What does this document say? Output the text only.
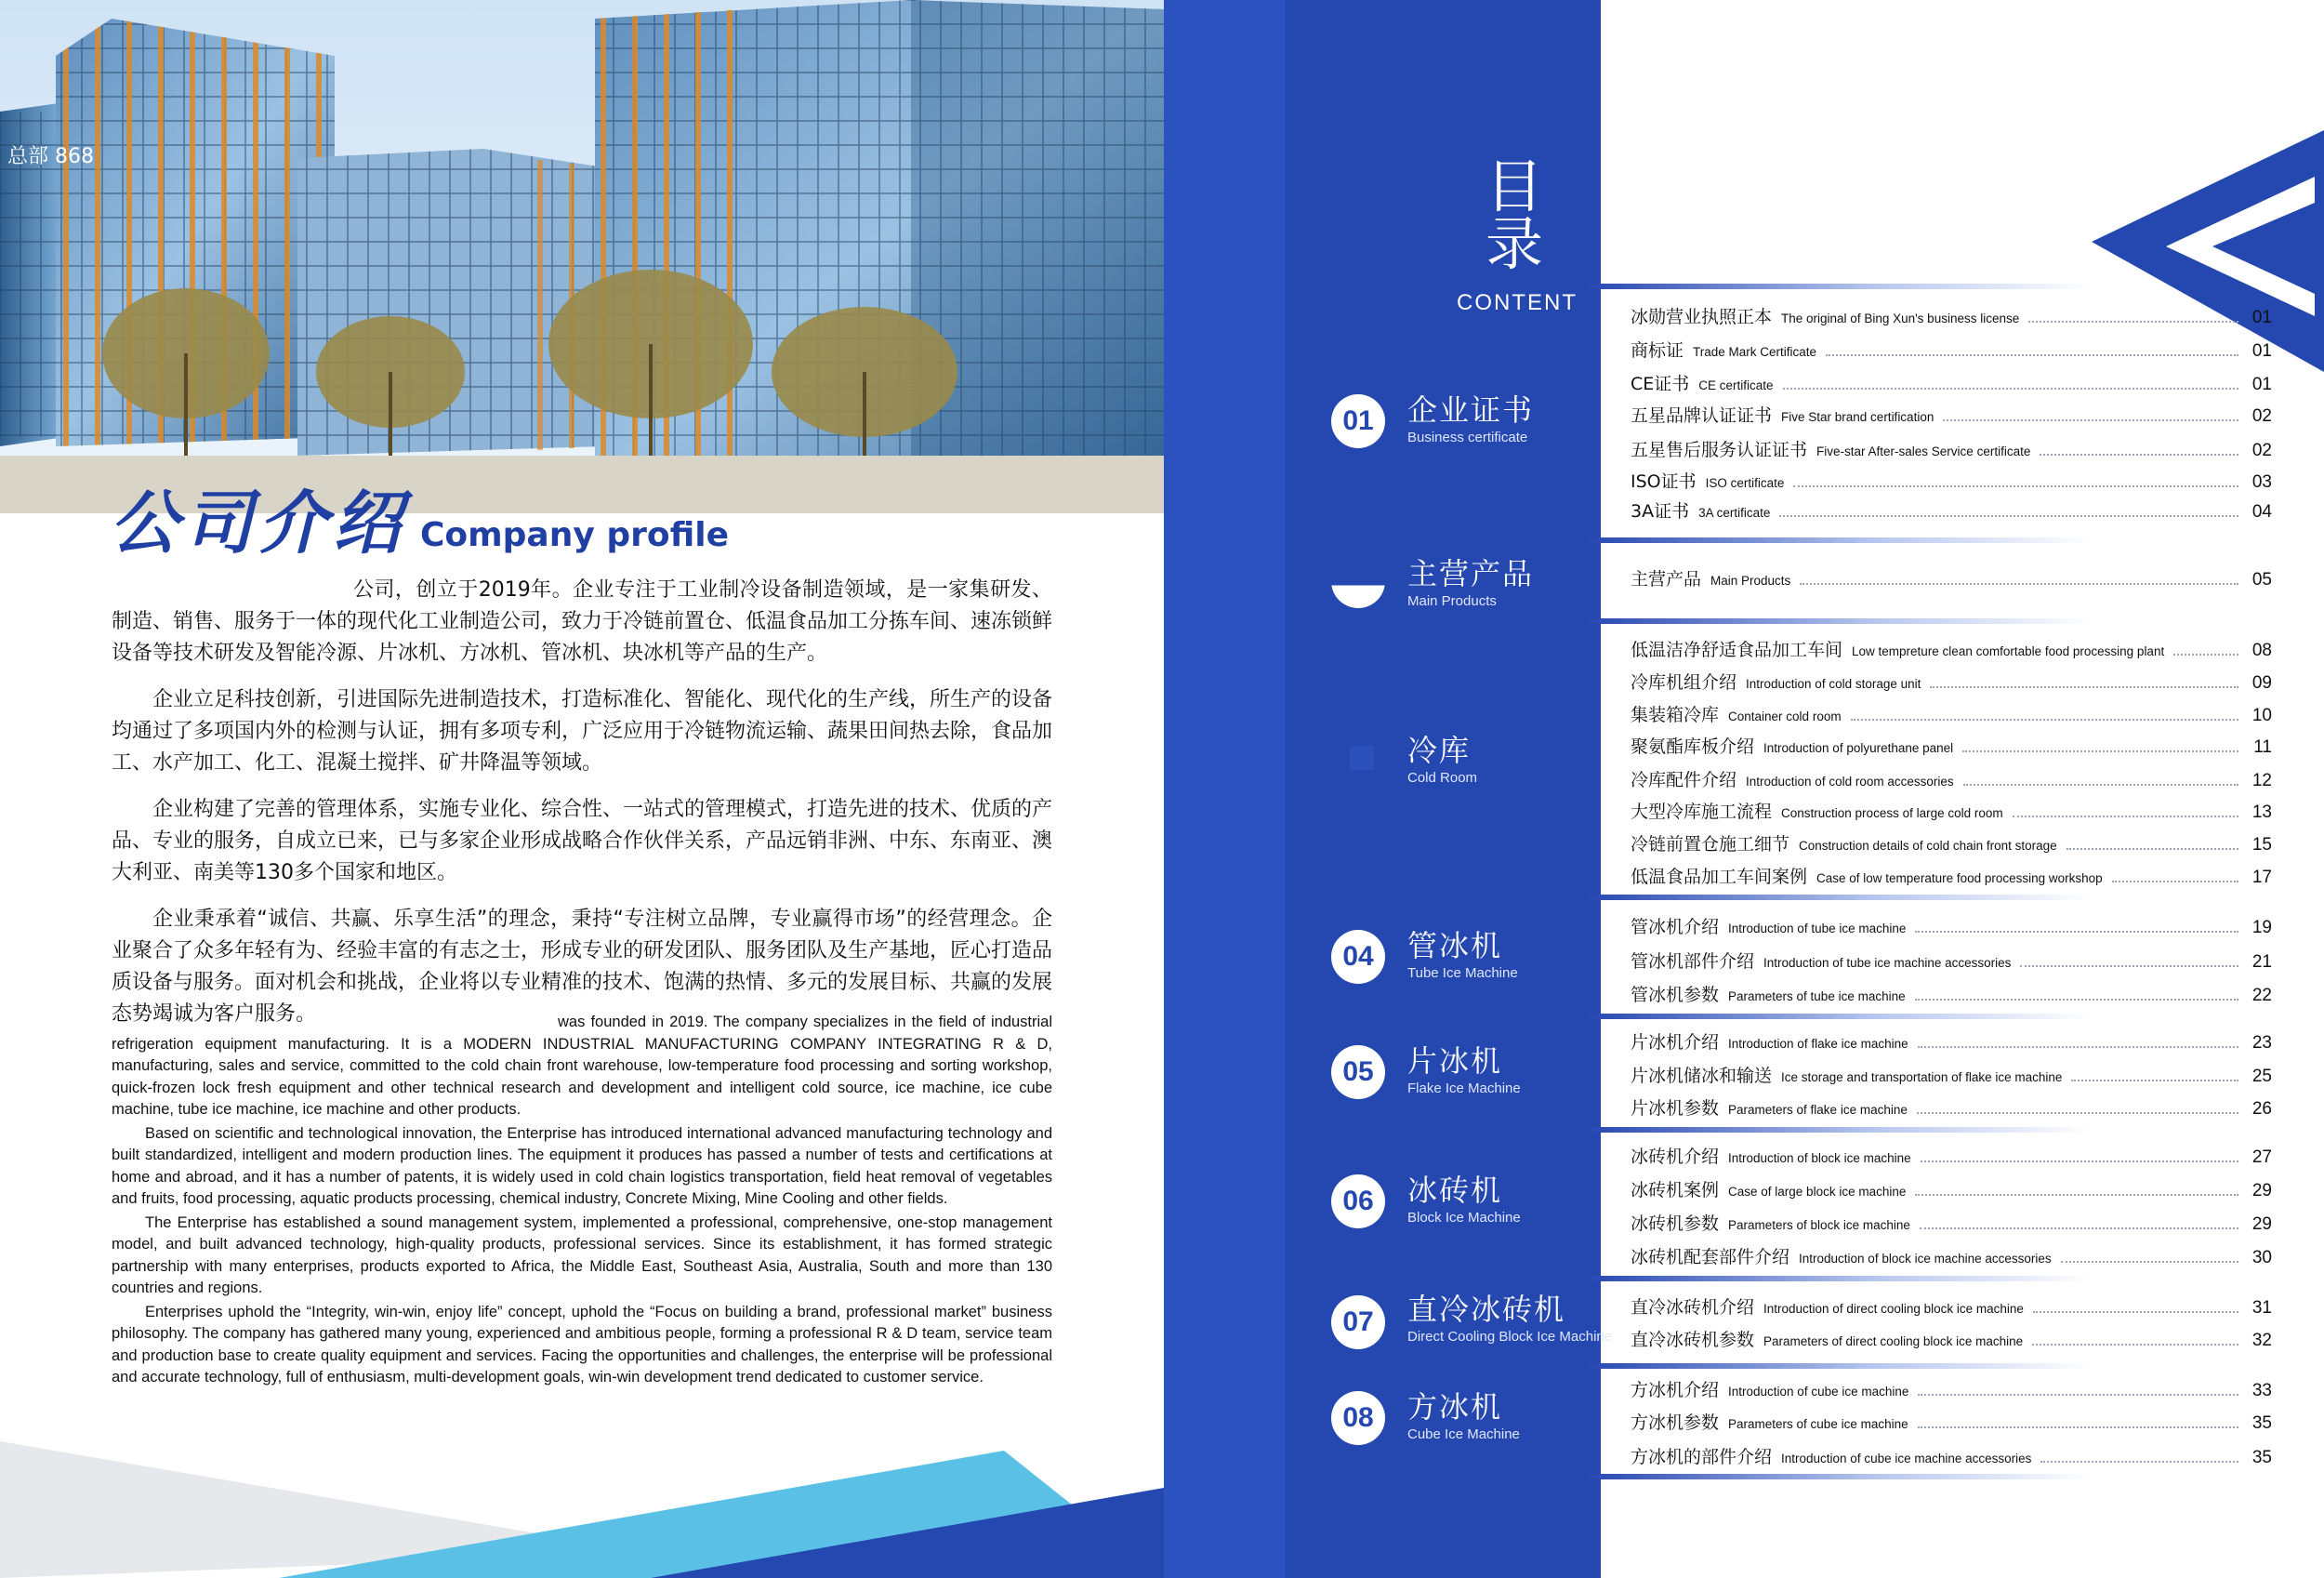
总部 868
公司介绍 Company profile

公司，创立于2019年。企业专注于工业制冷设备制造领域，是一家集研发、制造、销售、服务于一体的现代化工业制造公司，致力于冷链前置仓、低温食品加工分拣车间、速冻锁鲜设备等技术研发及智能冷源、片冰机、方冰机、管冰机、块冰机等产品的生产。

企业立足科技创新，引进国际先进制造技术，打造标准化、智能化、现代化的生产线，所生产的设备均通过了多项国内外的检测与认证，拥有多项专利，广泛应用于冷链物流运输、蔬果田间热去除，食品加工、水产加工、化工、混凝土搅拌、矿井降温等领域。

企业构建了完善的管理体系，实施专业化、综合性、一站式的管理模式，打造先进的技术、优质的产品、专业的服务，自成立已来，已与多家企业形成战略合作伙伴关系，产品远销非洲、中东、东南亚、澳大利亚、南美等130多个国家和地区。

企业秉承着“诚信、共赢、乐享生活”的理念，秉持“专注树立品牌，专业赢得市场”的经营理念。企业聚合了众多年轻有为、经验丰富的有志之士，形成专业的研发团队、服务团队及生产基地，匠心打造品质设备与服务。面对机会和挑战，企业将以专业精准的技术、饱满的热情、多元的发展目标、共赢的发展态势竭诚为客户服务。	was founded in 2019. The company specializes in the field of industrial refrigeration equipment manufacturing. It is a MODERN INDUSTRIAL MANUFACTURING COMPANY INTEGRATING R & D, manufacturing, sales and service, committed to the cold chain front warehouse, low-temperature food processing and sorting workshop, quick-frozen lock fresh equipment and other technical research and development and intelligent cold source, ice machine, ice cube machine, tube ice machine, ice machine and other products.

Based on scientific and technological innovation, the Enterprise has introduced international advanced manufacturing technology and built standardized, intelligent and modern production lines. The equipment it produces has passed a number of tests and certifications at home and abroad, and it has a number of patents, it is widely used in cold chain logistics transportation, field heat removal of vegetables and fruits, food processing, aquatic products processing, chemical industry, Concrete Mixing, Mine Cooling and other fields.

The Enterprise has established a sound management system, implemented a professional, comprehensive, one-stop management model, and built advanced technology, high-quality products, professional services. Since its establishment, it has formed strategic partnership with many enterprises, products exported to Africa, the Middle East, Southeast Asia, Australia, South and more than 130 countries and regions.

Enterprises uphold the “Integrity, win-win, enjoy life” concept, uphold the “Focus on building a brand, professional market” business philosophy. The company has gathered many young, experienced and ambitious people, forming a professional R & D team, service team and production base to create quality equipment and services. Facing the opportunities and challenges, the enterprise will be professional and accurate technology, full of enthusiasm, multi-development goals, win-win development trend dedicated to customer service.

目 录
CONTENT
01	企业证书
Business certificate
主营产品
Main Products
冷库
Cold Room
04	管冰机
Tube Ice Machine
05	片冰机
Flake Ice Machine
06	冰砖机
Block Ice Machine
07	直冷冰砖机
Direct Cooling Block Ice Machine
08	方冰机
Cube Ice Machine
冰勋营业执照正本 The original of Bing Xun's business license	01
商标证 Trade Mark Certificate	01
CE证书 CE certificate	01
五星品牌认证证书 Five Star brand certification	02
五星售后服务认证证书 Five-star After-sales Service certificate	02
ISO证书 ISO certificate	03
3A证书 3A certificate	04
主营产品 Main Products	05
低温洁净舒适食品加工车间 Low tempreture clean comfortable food processing plant	08
冷库机组介绍 Introduction of cold storage unit	09
集装箱冷库 Container cold room	10
聚氨酯库板介绍 Introduction of polyurethane panel	11
冷库配件介绍 Introduction of cold room accessories	12
大型冷库施工流程 Construction process of large cold room	13
冷链前置仓施工细节 Construction details of cold chain front storage	15
低温食品加工车间案例 Case of low temperature food processing workshop	17
管冰机介绍 Introduction of tube ice machine	19
管冰机部件介绍 Introduction of tube ice machine accessories	21
管冰机参数 Parameters of tube ice machine	22
片冰机介绍 Introduction of flake ice machine	23
片冰机储冰和输送 Ice storage and transportation of flake ice machine	25
片冰机参数 Parameters of flake ice machine	26
冰砖机介绍 Introduction of block ice machine	27
冰砖机案例 Case of large block ice machine	29
冰砖机参数 Parameters of block ice machine	29
冰砖机配套部件介绍 Introduction of block ice machine accessories	30
直冷冰砖机介绍 Introduction of direct cooling block ice machine	31
直冷冰砖机参数 Parameters of direct cooling block ice machine	32
方冰机介绍 Introduction of cube ice machine	33
方冰机参数 Parameters of cube ice machine	35
方冰机的部件介绍 Introduction of cube ice machine accessories	35
